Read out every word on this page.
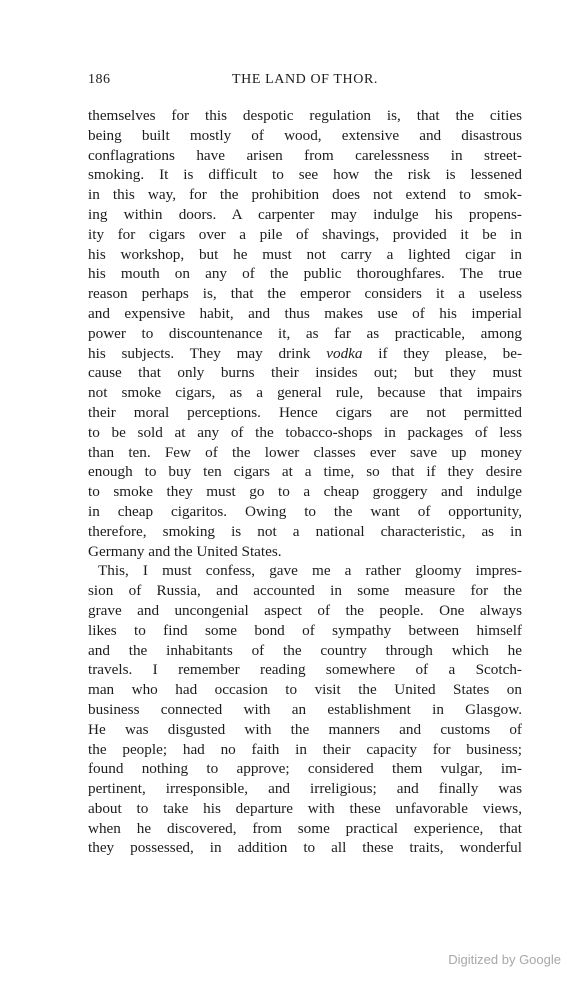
186	THE LAND OF THOR.
themselves for this despotic regulation is, that the cities
being built mostly of wood, extensive and disastrous
conflagrations have arisen from carelessness in street-
smoking. It is difficult to see how the risk is lessened
in this way, for the prohibition does not extend to smok-
ing within doors. A carpenter may indulge his propens-
ity for cigars over a pile of shavings, provided it be in
his workshop, but he must not carry a lighted cigar in
his mouth on any of the public thoroughfares. The true
reason perhaps is, that the emperor considers it a useless
and expensive habit, and thus makes use of his imperial
power to discountenance it, as far as practicable, among
his subjects. They may drink vodka if they please, be-
cause that only burns their insides out; but they must
not smoke cigars, as a general rule, because that impairs
their moral perceptions. Hence cigars are not permitted
to be sold at any of the tobacco-shops in packages of less
than ten. Few of the lower classes ever save up money
enough to buy ten cigars at a time, so that if they desire
to smoke they must go to a cheap groggery and indulge
in cheap cigaritos. Owing to the want of opportunity,
therefore, smoking is not a national characteristic, as in
Germany and the United States.
This, I must confess, gave me a rather gloomy impres-
sion of Russia, and accounted in some measure for the
grave and uncongenial aspect of the people. One always
likes to find some bond of sympathy between himself
and the inhabitants of the country through which he
travels. I remember reading somewhere of a Scotch-
man who had occasion to visit the United States on
business connected with an establishment in Glasgow.
He was disgusted with the manners and customs of
the people; had no faith in their capacity for business;
found nothing to approve; considered them vulgar, im-
pertinent, irresponsible, and irreligious; and finally was
about to take his departure with these unfavorable views,
when he discovered, from some practical experience, that
they possessed, in addition to all these traits, wonderful
Digitized by Google
